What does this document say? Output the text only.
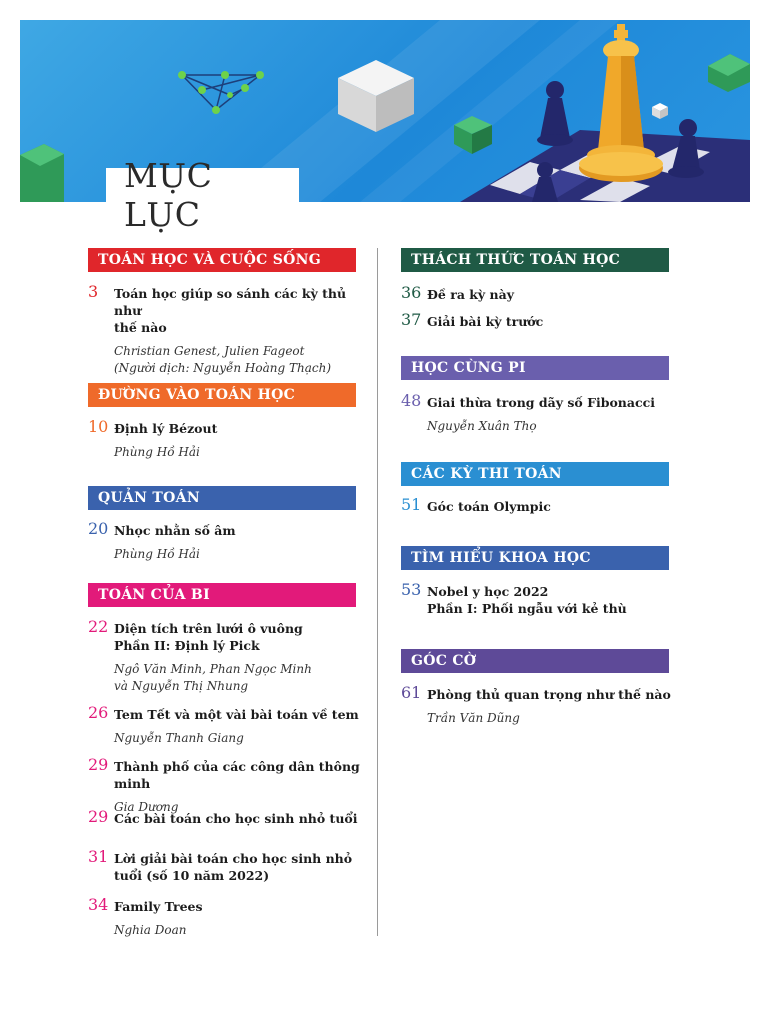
MỤC LỤC
TOÁN HỌC VÀ CUỘC SỐNG
3	Toán học giúp so sánh các kỳ thủ như
thế nào
Christian Genest, Julien Fageot
(Người dịch: Nguyễn Hoàng Thạch)
ĐƯỜNG VÀO TOÁN HỌC
10 Định lý Bézout
Phùng Hồ Hải
QUẢN TOÁN
20 Nhọc nhằn số âm
Phùng Hồ Hải
TOÁN CỦA BI
22 Diện tích trên lưới ô vuông
Phần II: Định lý Pick
Ngô Văn Minh, Phan Ngọc Minh
và Nguyễn Thị Nhung
26 Tem Tết và một vài bài toán về tem
Nguyễn Thanh Giang
29 Thành phố của các công dân thông minh
Gia Dương
29 Các bài toán cho học sinh nhỏ tuổi
31 Lời giải bài toán cho học sinh nhỏ
tuổi (số 10 năm 2022)
34 Family Trees
Nghia Doan
THÁCH THỨC TOÁN HỌC
36 Đề ra kỳ này
37 Giải bài kỳ trước
HỌC CÙNG PI
48 Giai thừa trong dãy số Fibonacci
Nguyễn Xuân Thọ
CÁC KỲ THI TOÁN
51 Góc toán Olympic
TÌM HIỂU KHOA HỌC
53 Nobel y học 2022
Phần I: Phối ngẫu với kẻ thù
GÓC CỜ
61 Phòng thủ quan trọng như thế nào
Trần Văn Dũng
